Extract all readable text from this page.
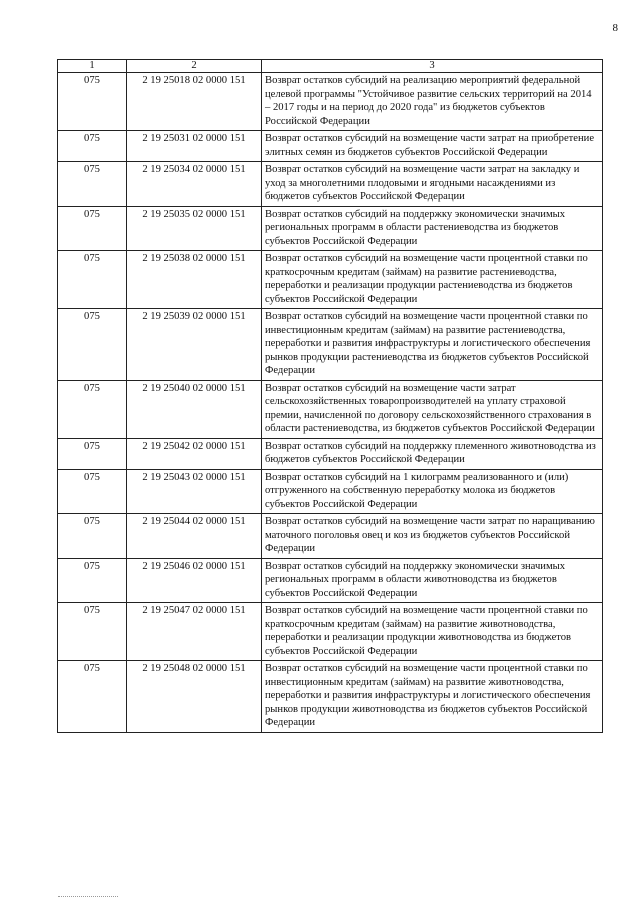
8
1	2	3
075	2 19 25018 02 0000 151	Возврат остатков субсидий на реализацию мероприятий федеральной целевой программы "Устойчивое развитие сельских территорий на 2014 – 2017 годы и на период до 2020 года" из бюджетов субъектов Российской Федерации
075	2 19 25031 02 0000 151	Возврат остатков субсидий на возмещение части затрат на приобретение элитных семян из бюджетов субъектов Российской Федерации
075	2 19 25034 02 0000 151	Возврат остатков субсидий на возмещение части затрат на закладку и уход за многолетними плодовыми и ягодными насаждениями из бюджетов субъектов Российской Федерации
075	2 19 25035 02 0000 151	Возврат остатков субсидий на поддержку экономически значимых региональных программ в области растениеводства из бюджетов субъектов Российской Федерации
075	2 19 25038 02 0000 151	Возврат остатков субсидий на возмещение части процентной ставки по краткосрочным кредитам (займам) на развитие растениеводства, переработки и реализации продукции растениеводства из бюджетов субъектов Российской Федерации
075	2 19 25039 02 0000 151	Возврат остатков субсидий на возмещение части процентной ставки по инвестиционным кредитам (займам) на развитие растениеводства, переработки и развития инфраструктуры и логистического обеспечения рынков продукции растениеводства из бюджетов субъектов Российской Федерации
075	2 19 25040 02 0000 151	Возврат остатков субсидий на возмещение части затрат сельскохозяйственных товаропроизводителей на уплату страховой премии, начисленной по договору сельскохозяйственного страхования в области растениеводства, из бюджетов субъектов Российской Федерации
075	2 19 25042 02 0000 151	Возврат остатков субсидий на поддержку племенного животноводства из бюджетов субъектов Российской Федерации
075	2 19 25043 02 0000 151	Возврат остатков субсидий на 1 килограмм реализованного и (или) отгруженного на собственную переработку молока из бюджетов субъектов Российской Федерации
075	2 19 25044 02 0000 151	Возврат остатков субсидий на возмещение части затрат по наращиванию маточного поголовья овец и коз из бюджетов субъектов Российской Федерации
075	2 19 25046 02 0000 151	Возврат остатков субсидий на поддержку экономически значимых региональных программ в области животноводства из бюджетов субъектов Российской Федерации
075	2 19 25047 02 0000 151	Возврат остатков субсидий на возмещение части процентной ставки по краткосрочным кредитам (займам) на развитие животноводства, переработки и реализации продукции животноводства из бюджетов субъектов Российской Федерации
075	2 19 25048 02 0000 151	Возврат остатков субсидий на возмещение части процентной ставки по инвестиционным кредитам (займам) на развитие животноводства, переработки и развития инфраструктуры и логистического обеспечения рынков продукции животноводства из бюджетов субъектов Российской Федерации
